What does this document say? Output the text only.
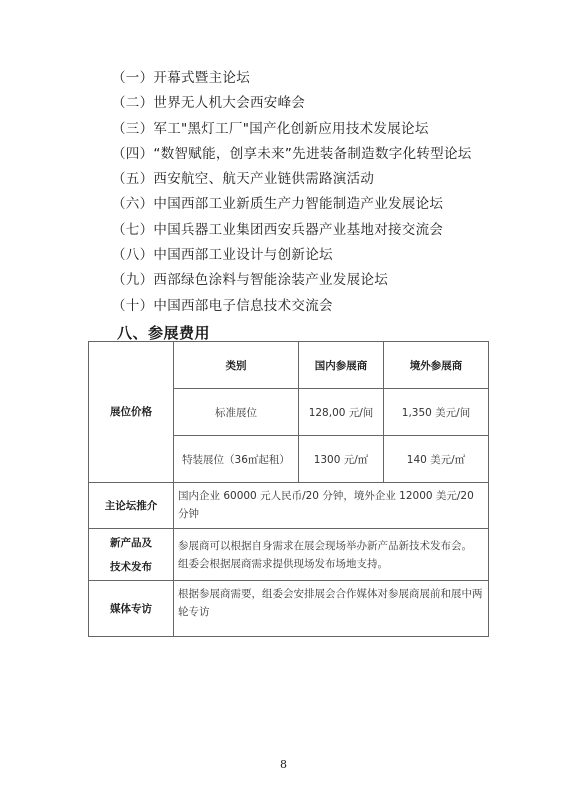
（一）开幕式暨主论坛
（二）世界无人机大会西安峰会
（三）军工"黑灯工厂"国产化创新应用技术发展论坛
（四）“数智赋能，创享未来”先进装备制造数字化转型论坛
（五）西安航空、航天产业链供需路演活动
（六）中国西部工业新质生产力智能制造产业发展论坛
（七）中国兵器工业集团西安兵器产业基地对接交流会
（八）中国西部工业设计与创新论坛
（九）西部绿色涂料与智能涂装产业发展论坛
（十）中国西部电子信息技术交流会
八、参展费用
展位价格	类别	国内参展商	境外参展商
	标准展位	128,00 元/间	1,350 美元/间
	特装展位（36㎡起租）	1300 元/㎡	140 美元/㎡
主论坛推介	国内企业 60000 元人民币/20 分钟，境外企业 12000 美元/20 分钟		

新产品及
技术发布	参展商可以根据自身需求在展会现场举办新产品新技术发布会。 组委会根据展商需求提供现场发布场地支持。		
媒体专访	根据参展商需要，组委会安排展会合作媒体对参展商展前和展中两轮专访		
8
